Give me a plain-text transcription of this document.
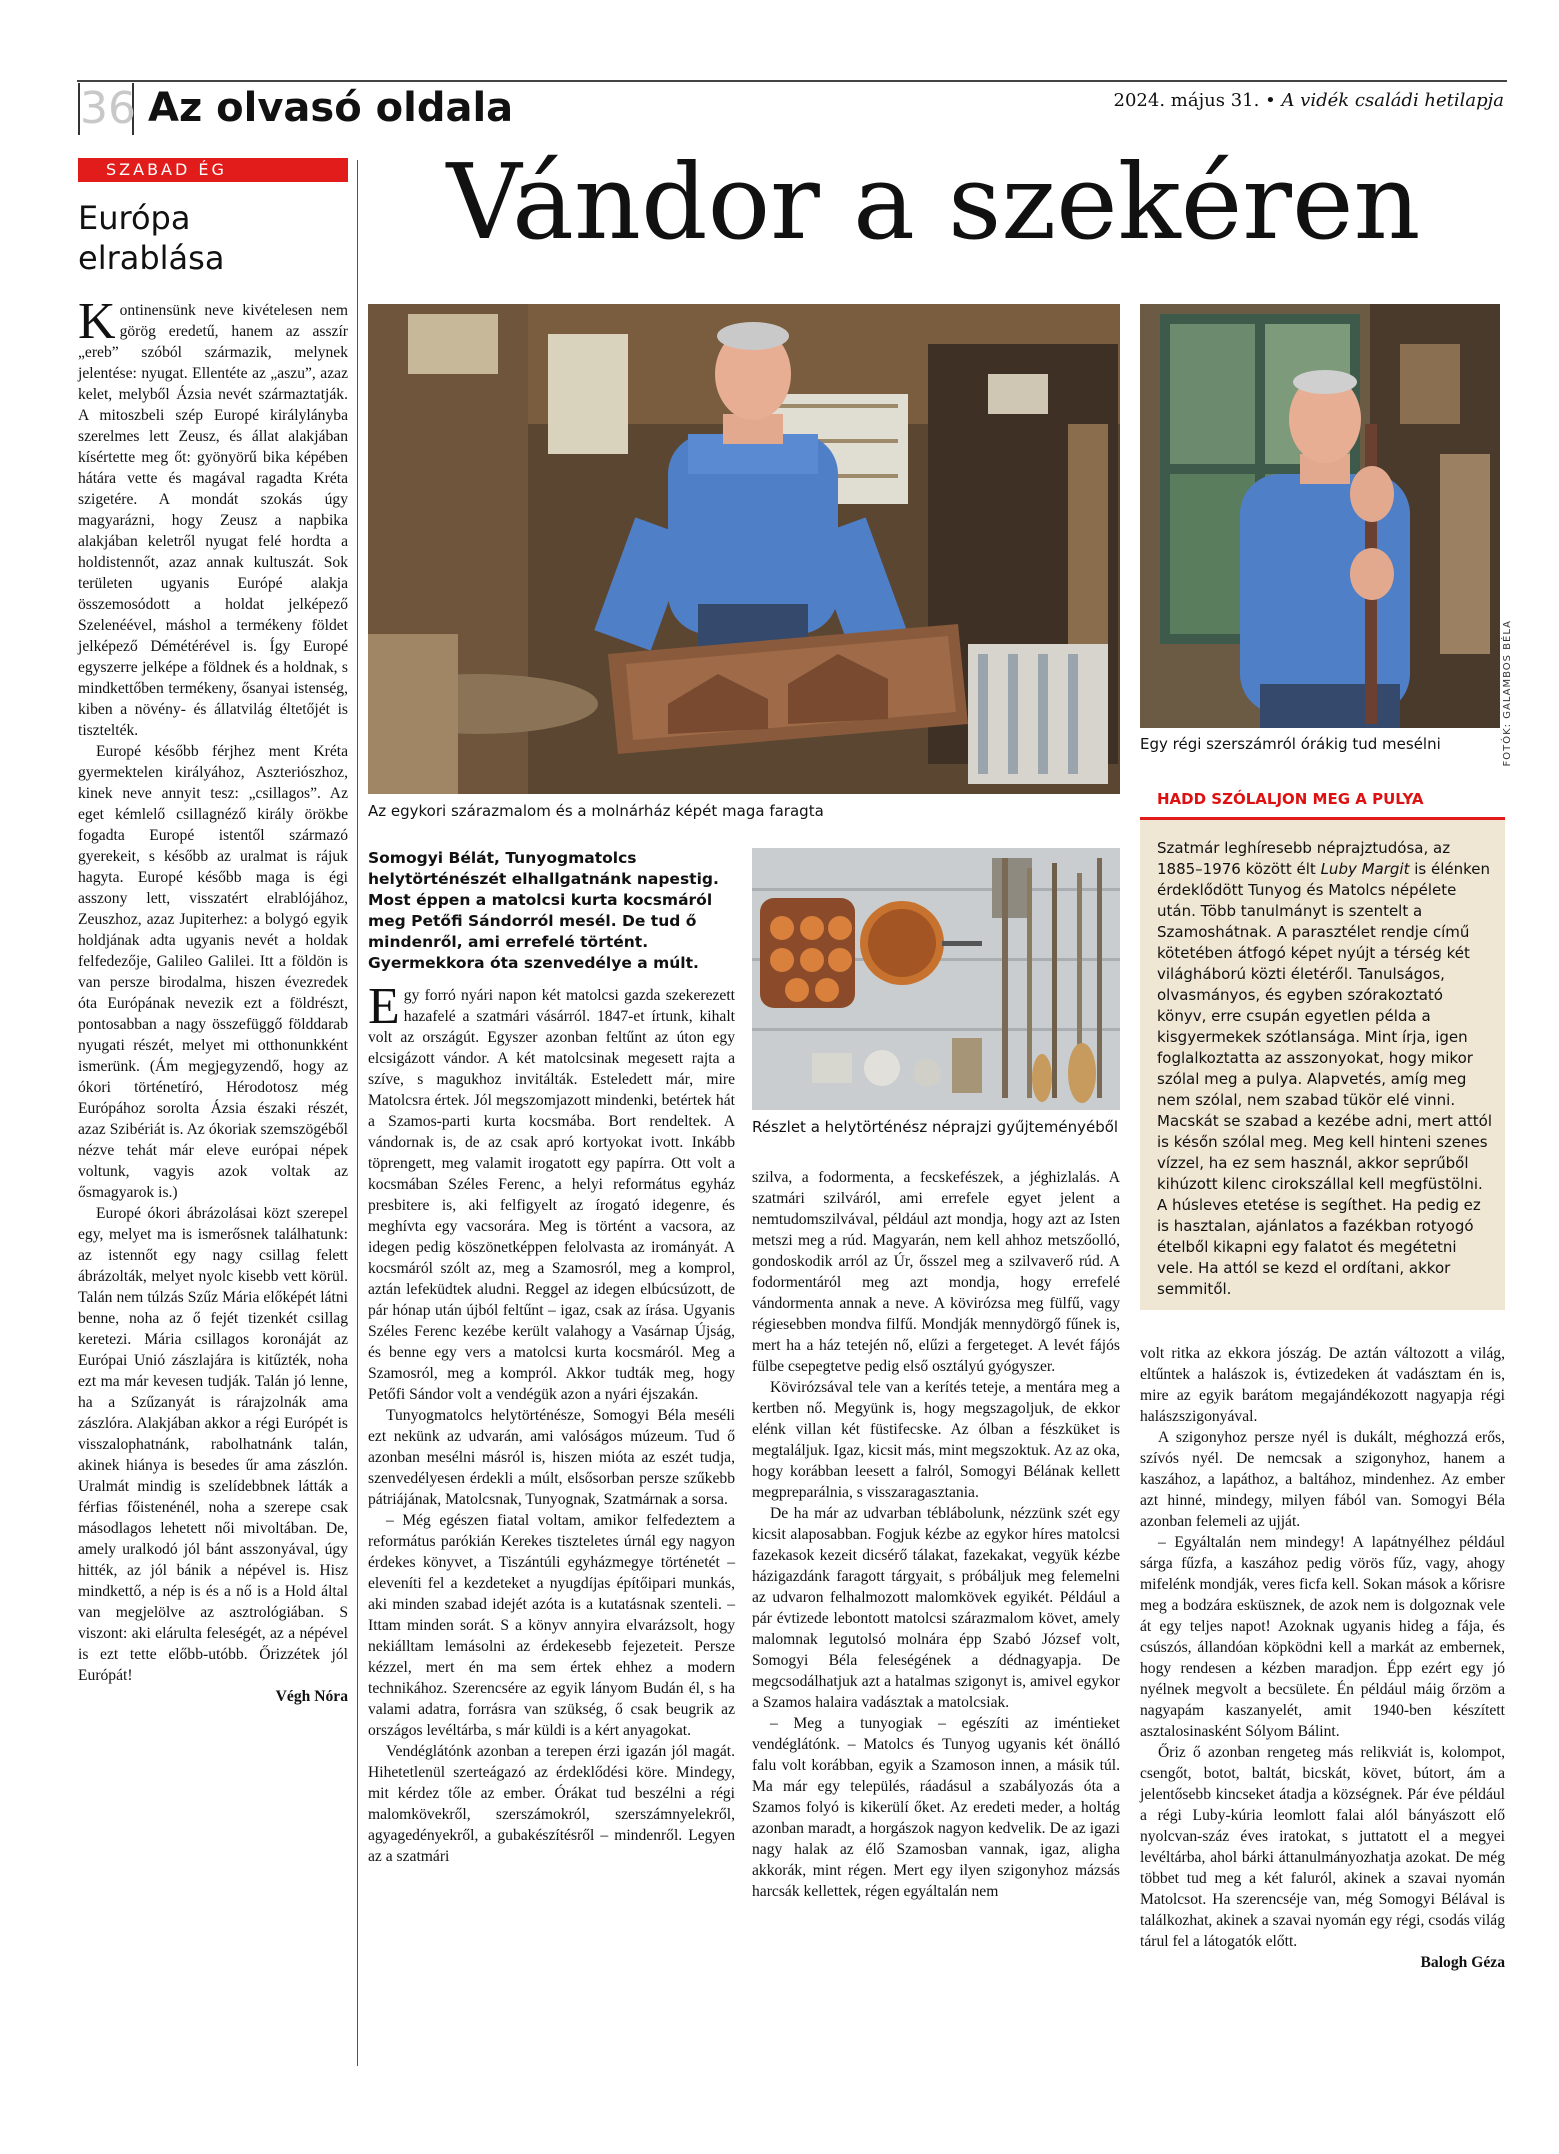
36 Az olvasó oldala	2024. május 31. • A vidék családi hetilapja
SZABAD ÉG
Európa
elrablása

Kontinensünk neve kivételesen nem görög eredetű, hanem az asszír „ereb” szóból származik, melynek jelentése: nyugat. Ellentéte az „aszu”, azaz kelet, melyből Ázsia nevét származtatják. A mitoszbeli szép Europé királylányba szerelmes lett Zeusz, és állat alakjában kísértette meg őt: gyönyörű bika képében hátára vette és magával ragadta Kréta szigetére. A mondát szokás úgy magyarázni, hogy Zeusz a napbika alakjában keletről nyugat felé hordta a holdistennőt, azaz annak kultuszát. Sok területen ugyanis Európé alakja összemosódott a holdat jelképező Szelenéével, máshol a termékeny földet jelképező Démétérével is. Így Europé egyszerre jelképe a földnek és a holdnak, s mindkettőben termékeny, ősanyai istenség, kiben a növény- és állatvilág éltetőjét is tisztelték.

Europé később férjhez ment Kréta gyermektelen királyához, Aszteriószhoz, kinek neve annyit tesz: „csillagos”. Az eget kémlelő csillagnéző király örökbe fogadta Europé istentől származó gyerekeit, s később az uralmat is rájuk hagyta. Europé később maga is égi asszony lett, visszatért elrablójához, Zeuszhoz, azaz Jupiterhez: a bolygó egyik holdjának adta ugyanis nevét a holdak felfedezője, Galileo Galilei. Itt a földön is van persze birodalma, hiszen évezredek óta Európának nevezik ezt a földrészt, pontosabban a nagy összefüggő földdarab nyugati részét, melyet mi otthonunkként ismerünk. (Ám megjegyzendő, hogy az ókori történetíró, Hérodotosz még Európához sorolta Ázsia északi részét, azaz Szibériát is. Az ókoriak szemszögéből nézve tehát már eleve európai népek voltunk, vagyis azok voltak az ősmagyarok is.)

Europé ókori ábrázolásai közt szerepel egy, melyet ma is ismerősnek találhatunk: az istennőt egy nagy csillag felett ábrázolták, melyet nyolc kisebb vett körül. Talán nem túlzás Szűz Mária előképét látni benne, noha az ő fejét tizenkét csillag keretezi. Mária csillagos koronáját az Európai Unió zászlajára is kitűzték, noha ezt ma már kevesen tudják. Talán jó lenne, ha a Szűzanyát is rárajzolnák ama zászlóra. Alakjában akkor a régi Európét is visszalophatnánk, rabolhatnánk talán, akinek hiánya is besedes űr ama zászlón. Uralmát mindig is szelídebbnek látták a férfias főistenénél, noha a szerepe csak másodlagos lehetett női mivoltában. De, amely uralkodó jól bánt asszonyával, úgy hitték, az jól bánik a népével is. Hisz mindkettő, a nép is és a nő is a Hold által van megjelölve az asztrológiában. S viszont: aki elárulta feleségét, az a népével is ezt tette előbb-utóbb. Őrizzétek jól Európát!

Végh Nóra

Vándor a szekéren
Az egykori szárazmalom és a molnárház képét maga faragta
FOTÓK: GALAMBOS BÉLA
Egy régi szerszámról órákig tud mesélni
Részlet a helytörténész néprajzi gyűjteményéből
Somogyi Bélát, Tunyogmatolcs helytörténészét elhallgatnánk napestig. Most éppen a matolcsi kurta kocsmáról meg Petőfi Sándorról mesél. De tud ő mindenről, ami errefelé történt. Gyermekkora óta szenvedélye a múlt.

Egy forró nyári napon két matolcsi gazda szekerezett hazafelé a szatmári vásárról. 1847-et írtunk, kihalt volt az országút. Egyszer azonban feltűnt az úton egy elcsigázott vándor. A két matolcsinak megesett rajta a szíve, s magukhoz invitálták. Esteledett már, mire Matolcsra értek. Jól megszomjazott mindenki, betértek hát a Szamos-parti kurta kocsmába. Bort rendeltek. A vándornak is, de az csak apró kortyokat ivott. Inkább töprengett, meg valamit irogatott egy papírra. Ott volt a kocsmában Széles Ferenc, a helyi református egyház presbitere is, aki felfigyelt az írogató idegenre, és meghívta egy vacsorára. Meg is történt a vacsora, az idegen pedig köszönetképpen felolvasta az irományát. A kocsmáról szólt az, meg a Szamosról, meg a komprol, aztán lefeküdtek aludni. Reggel az idegen elbúcsúzott, de pár hónap után újból feltűnt – igaz, csak az írása. Ugyanis Széles Ferenc kezébe került valahogy a Vasárnap Újság, és benne egy vers a matolcsi kurta kocsmáról. Meg a Szamosról, meg a kompról. Akkor tudták meg, hogy Petőfi Sándor volt a vendégük azon a nyári éjszakán.

Tunyogmatolcs helytörténésze, Somogyi Béla meséli ezt nekünk az udvarán, ami valóságos múzeum. Tud ő azonban mesélni másról is, hiszen mióta az eszét tudja, szenvedélyesen érdekli a múlt, elsősorban persze szűkebb pátriájának, Matolcsnak, Tunyognak, Szatmárnak a sorsa.

– Még egészen fiatal voltam, amikor felfedeztem a református parókián Kerekes tiszteletes úrnál egy nagyon érdekes könyvet, a Tiszántúli egyházmegye történetét – eleveníti fel a kezdeteket a nyugdíjas építőipari munkás, aki minden szabad idejét azóta is a kutatásnak szenteli. – Ittam minden sorát. S a könyv annyira elvarázsolt, hogy nekiálltam lemásolni az érdekesebb fejezeteit. Persze kézzel, mert én ma sem értek ehhez a modern technikához. Szerencsére az egyik lányom Budán él, s ha valami adatra, forrásra van szükség, ő csak beugrik az országos levéltárba, s már küldi is a kért anyagokat.

Vendéglátónk azonban a terepen érzi igazán jól magát. Hihetetlenül szerteágazó az érdeklődési köre. Mindegy, mit kérdez tőle az ember. Órákat tud beszélni a régi malomkövekről, szerszámokról, szerszámnyelekről, agyagedényekről, a gubakészítésről – mindenről. Legyen az a szatmári

szilva, a fodormenta, a fecskefészek, a jéghizlalás. A szatmári szilváról, ami errefele egyet jelent a nemtudomszilvával, például azt mondja, hogy azt az Isten metszi meg a rúd. Magyarán, nem kell ahhoz metszőolló, gondoskodik arról az Úr, ősszel meg a szilvaverő rúd. A fodormentáról meg azt mondja, hogy errefelé vándormenta annak a neve. A kövirózsa meg fülfű, vagy régiesebben mondva filfű. Mondják mennydörgő fűnek is, mert ha a ház tetején nő, elűzi a fergeteget. A levét fájós fülbe csepegtetve pedig első osztályú gyógyszer.

Kövirózsával tele van a kerítés teteje, a mentára meg a kertben nő. Megyünk is, hogy megszagoljuk, de ekkor elénk villan két füstifecske. Az ólban a fészküket is megtaláljuk. Igaz, kicsit más, mint megszoktuk. Az az oka, hogy korábban leesett a falról, Somogyi Bélának kellett megpreparálnia, s visszaragasztania.

De ha már az udvarban téblábolunk, nézzünk szét egy kicsit alaposabban. Fogjuk kézbe az egykor híres matolcsi fazekasok kezeit dicsérő tálakat, fazekakat, vegyük kézbe házigazdánk faragott tárgyait, s próbáljuk meg felemelni az udvaron felhalmozott malomkövek egyikét. Például a pár évtizede lebontott matolcsi szárazmalom követ, amely malomnak legutolsó molnára épp Szabó József volt, Somogyi Béla feleségének a dédnagyapja. De megcsodálhatjuk azt a hatalmas szigonyt is, amivel egykor a Szamos halaira vadásztak a matolcsiak.

– Meg a tunyogiak – egészíti az iméntieket vendéglátónk. – Matolcs és Tunyog ugyanis két önálló falu volt korábban, egyik a Szamoson innen, a másik túl. Ma már egy település, ráadásul a szabályozás óta a Szamos folyó is kikerülí őket. Az eredeti meder, a holtág azonban maradt, a horgászok nagyon kedvelik. De az igazi nagy halak az élő Szamosban vannak, igaz, aligha akkorák, mint régen. Mert egy ilyen szigonyhoz mázsás harcsák kellettek, régen egyáltalán nem

HADD SZÓLALJON MEG A PULYA
Szatmár leghíresebb néprajztudósa, az 1885–1976 között élt Luby Margit is élénken érdeklődött Tunyog és Matolcs népélete után. Több tanulmányt is szentelt a Szamoshátnak. A parasztélet rendje című kötetében átfogó képet nyújt a térség két világháború közti életéről. Tanulságos, olvasmányos, és egyben szórakoztató könyv, erre csupán egyetlen példa a kisgyermekek szótlansága. Mint írja, igen foglalkoztatta az asszonyokat, hogy mikor szólal meg a pulya. Alapvetés, amíg meg nem szólal, nem szabad tükör elé vinni. Macskát se szabad a kezébe adni, mert attól is későn szólal meg. Meg kell hinteni szenes vízzel, ha ez sem használ, akkor seprűből kihúzott kilenc cirokszállal kell megfüstölni. A húsleves etetése is segíthet. Ha pedig ez is hasztalan, ajánlatos a fazékban rotyogó ételből kikapni egy falatot és megétetni vele. Ha attól se kezd el ordítani, akkor semmitől.

volt ritka az ekkora jószág. De aztán változott a világ, eltűntek a halászok is, évtizedeken át vadásztam én is, mire az egyik barátom megajándékozott nagyapja régi halászszigonyával.

A szigonyhoz persze nyél is dukált, méghozzá erős, szívós nyél. De nemcsak a szigonyhoz, hanem a kaszához, a lapáthoz, a baltához, mindenhez. Az ember azt hinné, mindegy, milyen fából van. Somogyi Béla azonban felemeli az ujját.

– Egyáltalán nem mindegy! A lapátnyélhez például sárga fűzfa, a kaszához pedig vörös fűz, vagy, ahogy mifelénk mondják, veres ficfa kell. Sokan mások a kőrisre meg a bodzára esküsznek, de azok nem is dolgoznak vele át egy teljes napot! Azoknak ugyanis hideg a fája, és csúszós, állandóan köpködni kell a markát az embernek, hogy rendesen a kézben maradjon. Épp ezért egy jó nyélnek megvolt a becsülete. Én például máig őrzöm a nagyapám kaszanyelét, amit 1940-ben készített asztalosinasként Sólyom Bálint.

Őriz ő azonban rengeteg más relikviát is, kolompot, csengőt, botot, baltát, bicskát, követ, bútort, ám a jelentősebb kincseket átadja a községnek. Pár éve például a régi Luby-kúria leomlott falai alól bányászott elő nyolcvan-száz éves iratokat, s juttatott el a megyei levéltárba, ahol bárki áttanulmányozhatja azokat. De még többet tud meg a két faluról, akinek a szavai nyomán Matolcsot. Ha szerencséje van, még Somogyi Bélával is találkozhat, akinek a szavai nyomán egy régi, csodás világ tárul fel a látogatók előtt.

Balogh Géza
